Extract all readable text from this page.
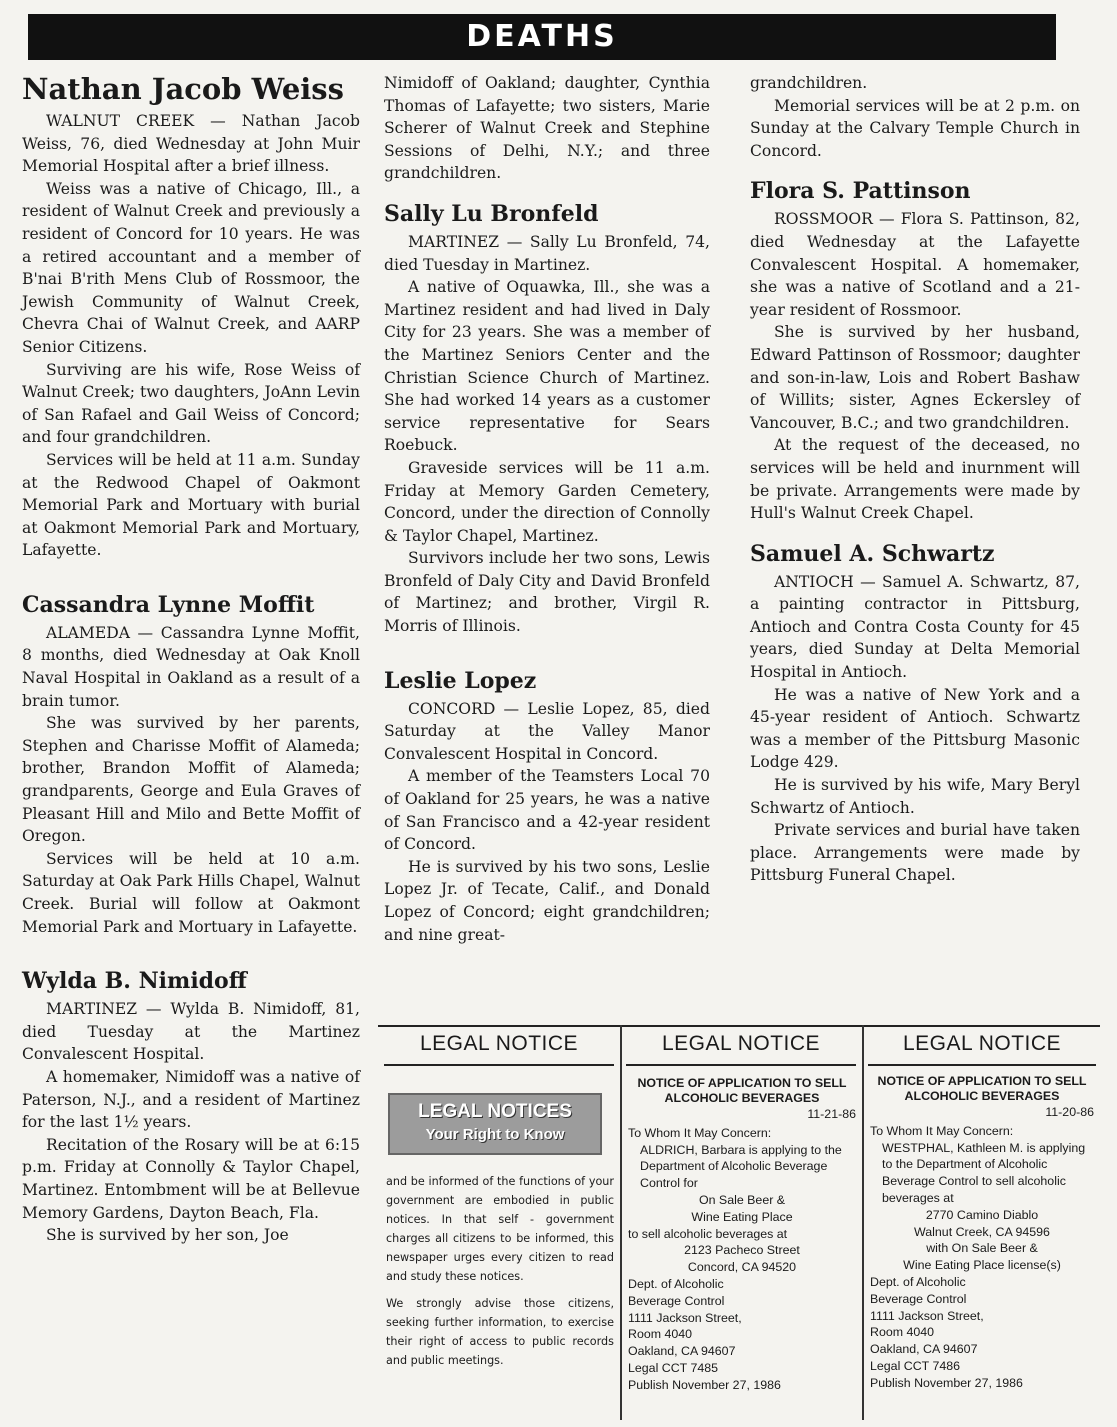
DEATHS
Nathan Jacob Weiss

WALNUT CREEK — Nathan Jacob Weiss, 76, died Wednesday at John Muir Memorial Hospital after a brief illness.

Weiss was a native of Chicago, Ill., a resident of Walnut Creek and previously a resident of Concord for 10 years. He was a retired accountant and a member of B'nai B'rith Mens Club of Rossmoor, the Jewish Community of Walnut Creek, Chevra Chai of Walnut Creek, and AARP Senior Citizens.

Surviving are his wife, Rose Weiss of Walnut Creek; two daughters, JoAnn Levin of San Rafael and Gail Weiss of Concord; and four grandchildren.

Services will be held at 11 a.m. Sunday at the Redwood Chapel of Oakmont Memorial Park and Mortuary with burial at Oakmont Memorial Park and Mortuary, Lafayette.

Cassandra Lynne Moffit

ALAMEDA — Cassandra Lynne Moffit, 8 months, died Wednesday at Oak Knoll Naval Hospital in Oakland as a result of a brain tumor.

She was survived by her parents, Stephen and Charisse Moffit of Alameda; brother, Brandon Moffit of Alameda; grandparents, George and Eula Graves of Pleasant Hill and Milo and Bette Moffit of Oregon.

Services will be held at 10 a.m. Saturday at Oak Park Hills Chapel, Walnut Creek. Burial will follow at Oakmont Memorial Park and Mortuary in Lafayette.

Wylda B. Nimidoff

MARTINEZ — Wylda B. Nimidoff, 81, died Tuesday at the Martinez Convalescent Hospital.

A homemaker, Nimidoff was a native of Paterson, N.J., and a resident of Martinez for the last 1½ years.

Recitation of the Rosary will be at 6:15 p.m. Friday at Connolly & Taylor Chapel, Martinez. Entombment will be at Bellevue Memory Gardens, Dayton Beach, Fla.

She is survived by her son, Joe

Nimidoff of Oakland; daughter, Cynthia Thomas of Lafayette; two sisters, Marie Scherer of Walnut Creek and Stephine Sessions of Delhi, N.Y.; and three grandchildren.

Sally Lu Bronfeld

MARTINEZ — Sally Lu Bronfeld, 74, died Tuesday in Martinez.

A native of Oquawka, Ill., she was a Martinez resident and had lived in Daly City for 23 years. She was a member of the Martinez Seniors Center and the Christian Science Church of Martinez. She had worked 14 years as a customer service representative for Sears Roebuck.

Graveside services will be 11 a.m. Friday at Memory Garden Cemetery, Concord, under the direction of Connolly & Taylor Chapel, Martinez.

Survivors include her two sons, Lewis Bronfeld of Daly City and David Bronfeld of Martinez; and brother, Virgil R. Morris of Illinois.

Leslie Lopez

CONCORD — Leslie Lopez, 85, died Saturday at the Valley Manor Convalescent Hospital in Concord.

A member of the Teamsters Local 70 of Oakland for 25 years, he was a native of San Francisco and a 42-year resident of Concord.

He is survived by his two sons, Leslie Lopez Jr. of Tecate, Calif., and Donald Lopez of Concord; eight grandchildren; and nine great-

grandchildren.

Memorial services will be at 2 p.m. on Sunday at the Calvary Temple Church in Concord.

Flora S. Pattinson

ROSSMOOR — Flora S. Pattinson, 82, died Wednesday at the Lafayette Convalescent Hospital. A homemaker, she was a native of Scotland and a 21-year resident of Rossmoor.

She is survived by her husband, Edward Pattinson of Rossmoor; daughter and son-in-law, Lois and Robert Bashaw of Willits; sister, Agnes Eckersley of Vancouver, B.C.; and two grandchildren.

At the request of the deceased, no services will be held and inurnment will be private. Arrangements were made by Hull's Walnut Creek Chapel.

Samuel A. Schwartz

ANTIOCH — Samuel A. Schwartz, 87, a painting contractor in Pittsburg, Antioch and Contra Costa County for 45 years, died Sunday at Delta Memorial Hospital in Antioch.

He was a native of New York and a 45-year resident of Antioch. Schwartz was a member of the Pittsburg Masonic Lodge 429.

He is survived by his wife, Mary Beryl Schwartz of Antioch.

Private services and burial have taken place. Arrangements were made by Pittsburg Funeral Chapel.

LEGAL NOTICE	LEGAL NOTICE	LEGAL NOTICE
LEGAL NOTICES
Your Right to Know

and be informed of the functions of your government are embodied in public notices. In that self - government charges all citizens to be informed, this newspaper urges every citizen to read and study these notices.

We strongly advise those citizens, seeking further information, to exercise their right of access to public records and public meetings.

NOTICE OF APPLICATION TO SELL ALCOHOLIC BEVERAGES
11-21-86
To Whom It May Concern:
ALDRICH, Barbara is applying to the Department of Alcoholic Beverage Control for
On Sale Beer &
Wine Eating Place
to sell alcoholic beverages at
2123 Pacheco Street
Concord, CA 94520
Dept. of Alcoholic
Beverage Control
1111 Jackson Street,
Room 4040
Oakland, CA 94607
Legal CCT 7485
Publish November 27, 1986
NOTICE OF APPLICATION TO SELL ALCOHOLIC BEVERAGES
11-20-86
To Whom It May Concern:
WESTPHAL, Kathleen M. is applying to the Department of Alcoholic Beverage Control to sell alcoholic beverages at
2770 Camino Diablo
Walnut Creek, CA 94596
with On Sale Beer &
Wine Eating Place license(s)
Dept. of Alcoholic
Beverage Control
1111 Jackson Street,
Room 4040
Oakland, CA 94607
Legal CCT 7486
Publish November 27, 1986
